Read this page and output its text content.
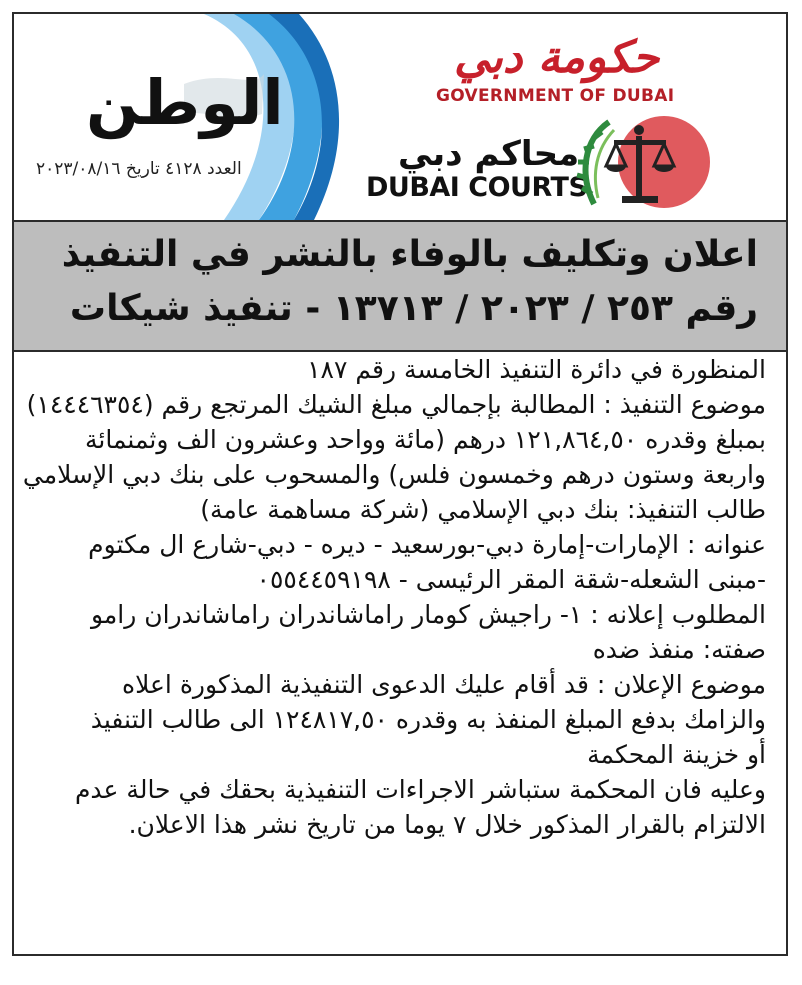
الوطن
العدد ٤١٢٨ تاريخ ٢٠٢٣/٠٨/١٦
حكومة دبي
GOVERNMENT OF DUBAI
محاكم دبي
DUBAI COURTS
اعلان وتكليف بالوفاء بالنشر في التنفيذ
رقم ٢٥٣ / ٢٠٢٣ / ١٣٧١٣ - تنفيذ شيكات

المنظورة في دائرة التنفيذ الخامسة رقم ١٨٧

موضوع التنفيذ : المطالبة بإجمالي مبلغ الشيك المرتجع رقم (١٤٤٤٦٣٥٤)

بمبلغ وقدره ١٢١,٨٦٤,٥٠ درهم (مائة وواحد وعشرون الف وثمنمائة

واربعة وستون درهم وخمسون فلس) والمسحوب على بنك دبي الإسلامي

طالب التنفيذ: بنك دبي الإسلامي (شركة مساهمة عامة)

عنوانه : الإمارات-إمارة دبي-بورسعيد - ديره - دبي-شارع ال مكتوم

-مبنى الشعله-شقة المقر الرئيسى - ٠٥٥٤٤٥٩١٩٨

المطلوب إعلانه : ١- راجيش كومار راماشاندران راماشاندران رامو

صفته: منفذ ضده

موضوع الإعلان : قد أقام عليك الدعوى التنفيذية المذكورة اعلاه

والزامك بدفع المبلغ المنفذ به وقدره ١٢٤٨١٧,٥٠ الى طالب التنفيذ

أو خزينة المحكمة

وعليه فان المحكمة ستباشر الاجراءات التنفيذية بحقك في حالة عدم

الالتزام بالقرار المذكور خلال ٧ يوما من تاريخ نشر هذا الاعلان.
